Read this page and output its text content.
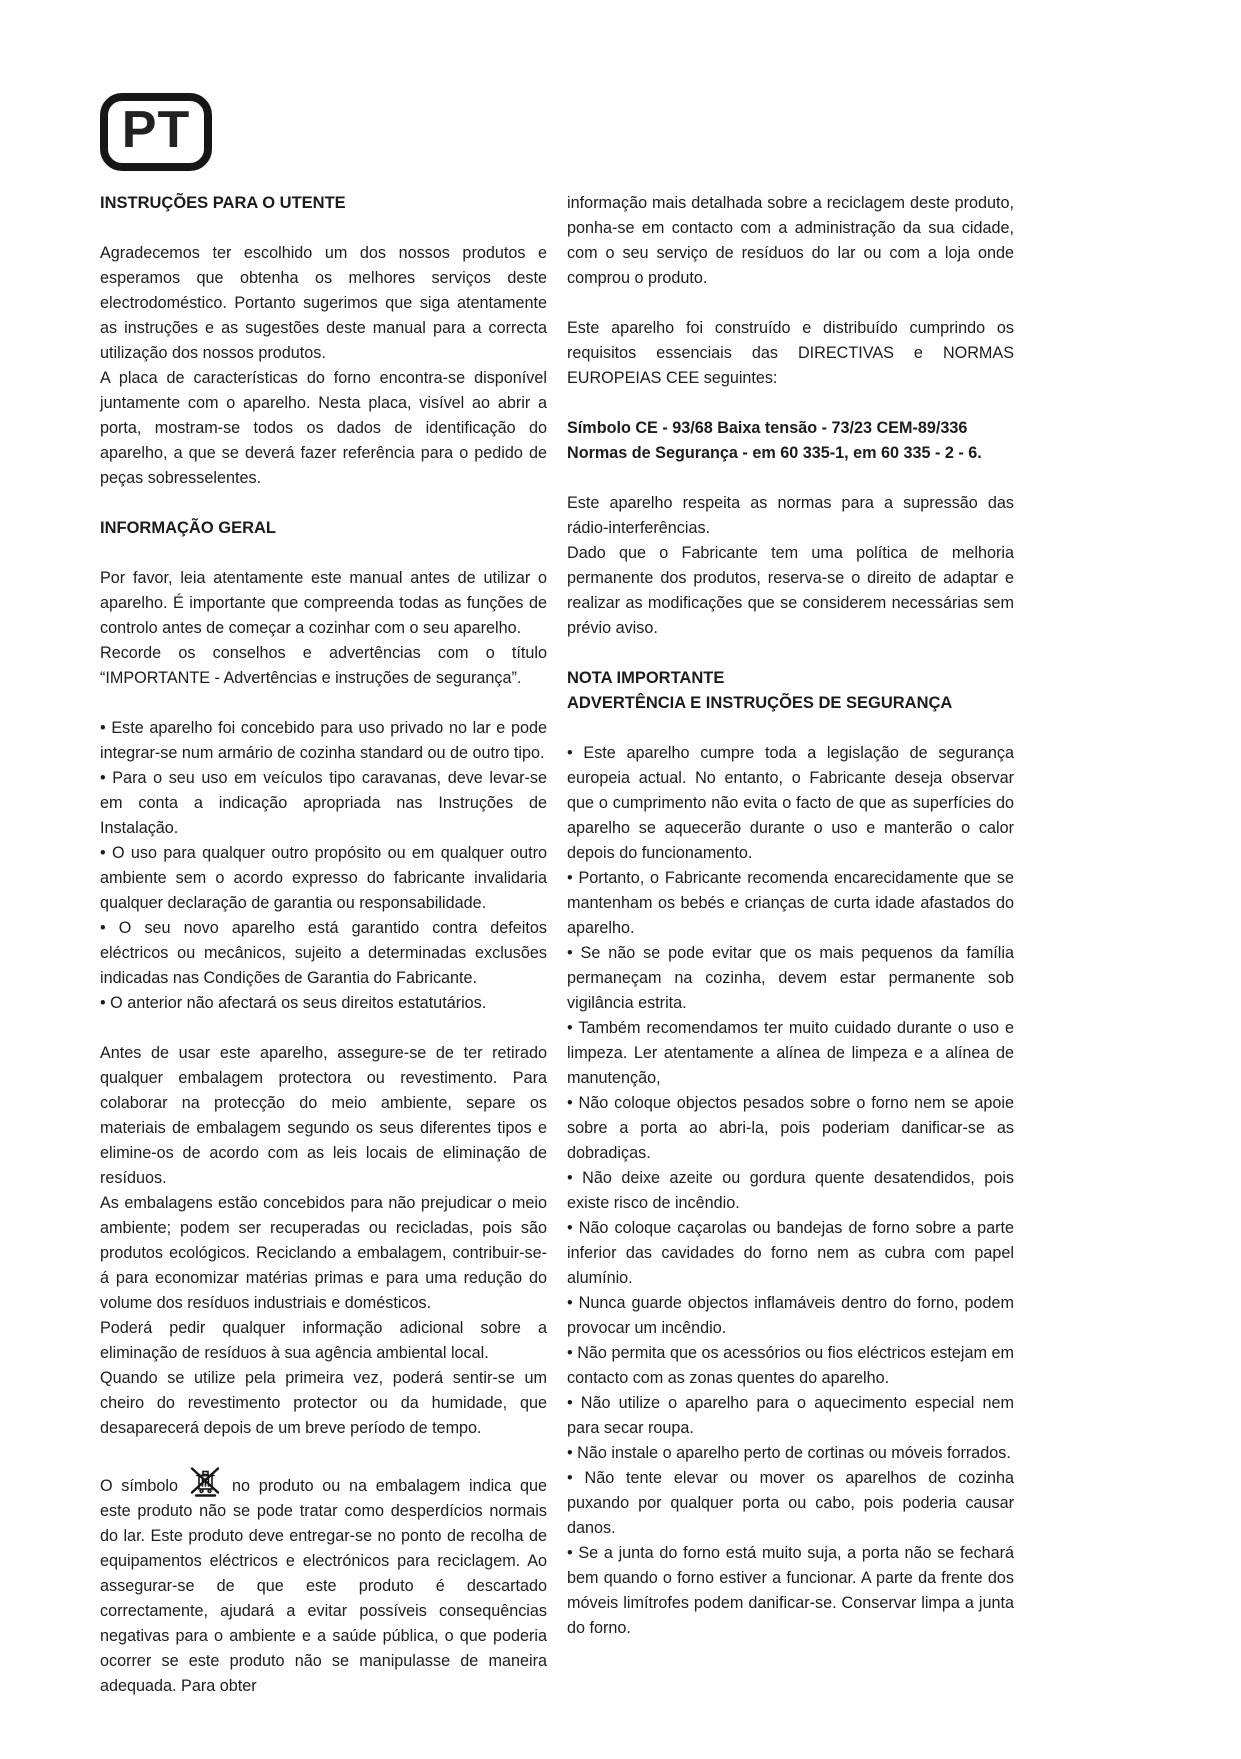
PT
INSTRUÇÕES PARA O UTENTE

Agradecemos ter escolhido um dos nossos produtos e esperamos que obtenha os melhores serviços deste electrodoméstico. Portanto sugerimos que siga atentamente as instruções e as sugestões deste manual para a correcta utilização dos nossos produtos.

A placa de características do forno encontra-se disponível juntamente com o aparelho. Nesta placa, visível ao abrir a porta, mostram-se todos os dados de identificação do aparelho, a que se deverá fazer referência para o pedido de peças sobresselentes.

INFORMAÇÃO GERAL

Por favor, leia atentamente este manual antes de utilizar o aparelho. É importante que compreenda todas as funções de controlo antes de começar a cozinhar com o seu aparelho.

Recorde os conselhos e advertências com o título “IMPORTANTE - Advertências e instruções de segurança”.

• Este aparelho foi concebido para uso privado no lar e pode integrar-se num armário de cozinha standard ou de outro tipo.

• Para o seu uso em veículos tipo caravanas, deve levar-se em conta a indicação apropriada nas Instruções de Instalação.

• O uso para qualquer outro propósito ou em qualquer outro ambiente sem o acordo expresso do fabricante invalidaria qualquer declaração de garantia ou responsabilidade.

• O seu novo aparelho está garantido contra defeitos eléctricos ou mecânicos, sujeito a determinadas exclusões indicadas nas Condições de Garantia do Fabricante.

• O anterior não afectará os seus direitos estatutários.

Antes de usar este aparelho, assegure-se de ter retirado qualquer embalagem protectora ou revestimento. Para colaborar na protecção do meio ambiente, separe os materiais de embalagem segundo os seus diferentes tipos e elimine-os de acordo com as leis locais de eliminação de resíduos.

As embalagens estão concebidos para não prejudicar o meio ambiente; podem ser recuperadas ou recicladas, pois são produtos ecológicos. Reciclando a embalagem, contribuir-se-á para economizar matérias primas e para uma redução do volume dos resíduos industriais e domésticos.

Poderá pedir qualquer informação adicional sobre a eliminação de resíduos à sua agência ambiental local.

Quando se utilize pela primeira vez, poderá sentir-se um cheiro do revestimento protector ou da humidade, que desaparecerá depois de um breve período de tempo.

O símbolo	no produto ou na embalagem indica que este produto não se pode tratar como desperdícios normais do lar. Este produto deve entregar-se no ponto de recolha de equipamentos eléctricos e electrónicos para reciclagem. Ao assegurar-se de que este produto é descartado correctamente, ajudará a evitar possíveis consequências negativas para o ambiente e a saúde pública, o que poderia ocorrer se este produto não se manipulasse de maneira adequada. Para obter

informação mais detalhada sobre a reciclagem deste produto, ponha-se em contacto com a administração da sua cidade, com o seu serviço de resíduos do lar ou com a loja onde comprou o produto.

Este aparelho foi construído e distribuído cumprindo os requisitos essenciais das DIRECTIVAS e NORMAS EUROPEIAS CEE seguintes:

Símbolo CE - 93/68 Baixa tensão - 73/23 CEM-89/336

Normas de Segurança - em 60 335-1, em 60 335 - 2 - 6.

Este aparelho respeita as normas para a supressão das rádio-interferências.

Dado que o Fabricante tem uma política de melhoria permanente dos produtos, reserva-se o direito de adaptar e realizar as modificações que se considerem necessárias sem prévio aviso.

NOTA IMPORTANTE
ADVERTÊNCIA E INSTRUÇÕES DE SEGURANÇA

• Este aparelho cumpre toda a legislação de segurança europeia actual. No entanto, o Fabricante deseja observar que o cumprimento não evita o facto de que as superfícies do aparelho se aquecerão durante o uso e manterão o calor depois do funcionamento.

• Portanto, o Fabricante recomenda encarecidamente que se mantenham os bebés e crianças de curta idade afastados do aparelho.

• Se não se pode evitar que os mais pequenos da família permaneçam na cozinha, devem estar permanente sob vigilância estrita.

• Também recomendamos ter muito cuidado durante o uso e limpeza. Ler atentamente a alínea de limpeza e a alínea de manutenção,

• Não coloque objectos pesados sobre o forno nem se apoie sobre a porta ao abri-la, pois poderiam danificar-se as dobradiças.

• Não deixe azeite ou gordura quente desatendidos, pois existe risco de incêndio.

• Não coloque caçarolas ou bandejas de forno sobre a parte inferior das cavidades do forno nem as cubra com papel alumínio.

• Nunca guarde objectos inflamáveis dentro do forno, podem provocar um incêndio.

• Não permita que os acessórios ou fios eléctricos estejam em contacto com as zonas quentes do aparelho.

• Não utilize o aparelho para o aquecimento especial nem para secar roupa.

• Não instale o aparelho perto de cortinas ou móveis forrados.

• Não tente elevar ou mover os aparelhos de cozinha puxando por qualquer porta ou cabo, pois poderia causar danos.

• Se a junta do forno está muito suja, a porta não se fechará bem quando o forno estiver a funcionar. A parte da frente dos móveis limítrofes podem danificar-se. Conservar limpa a junta do forno.
